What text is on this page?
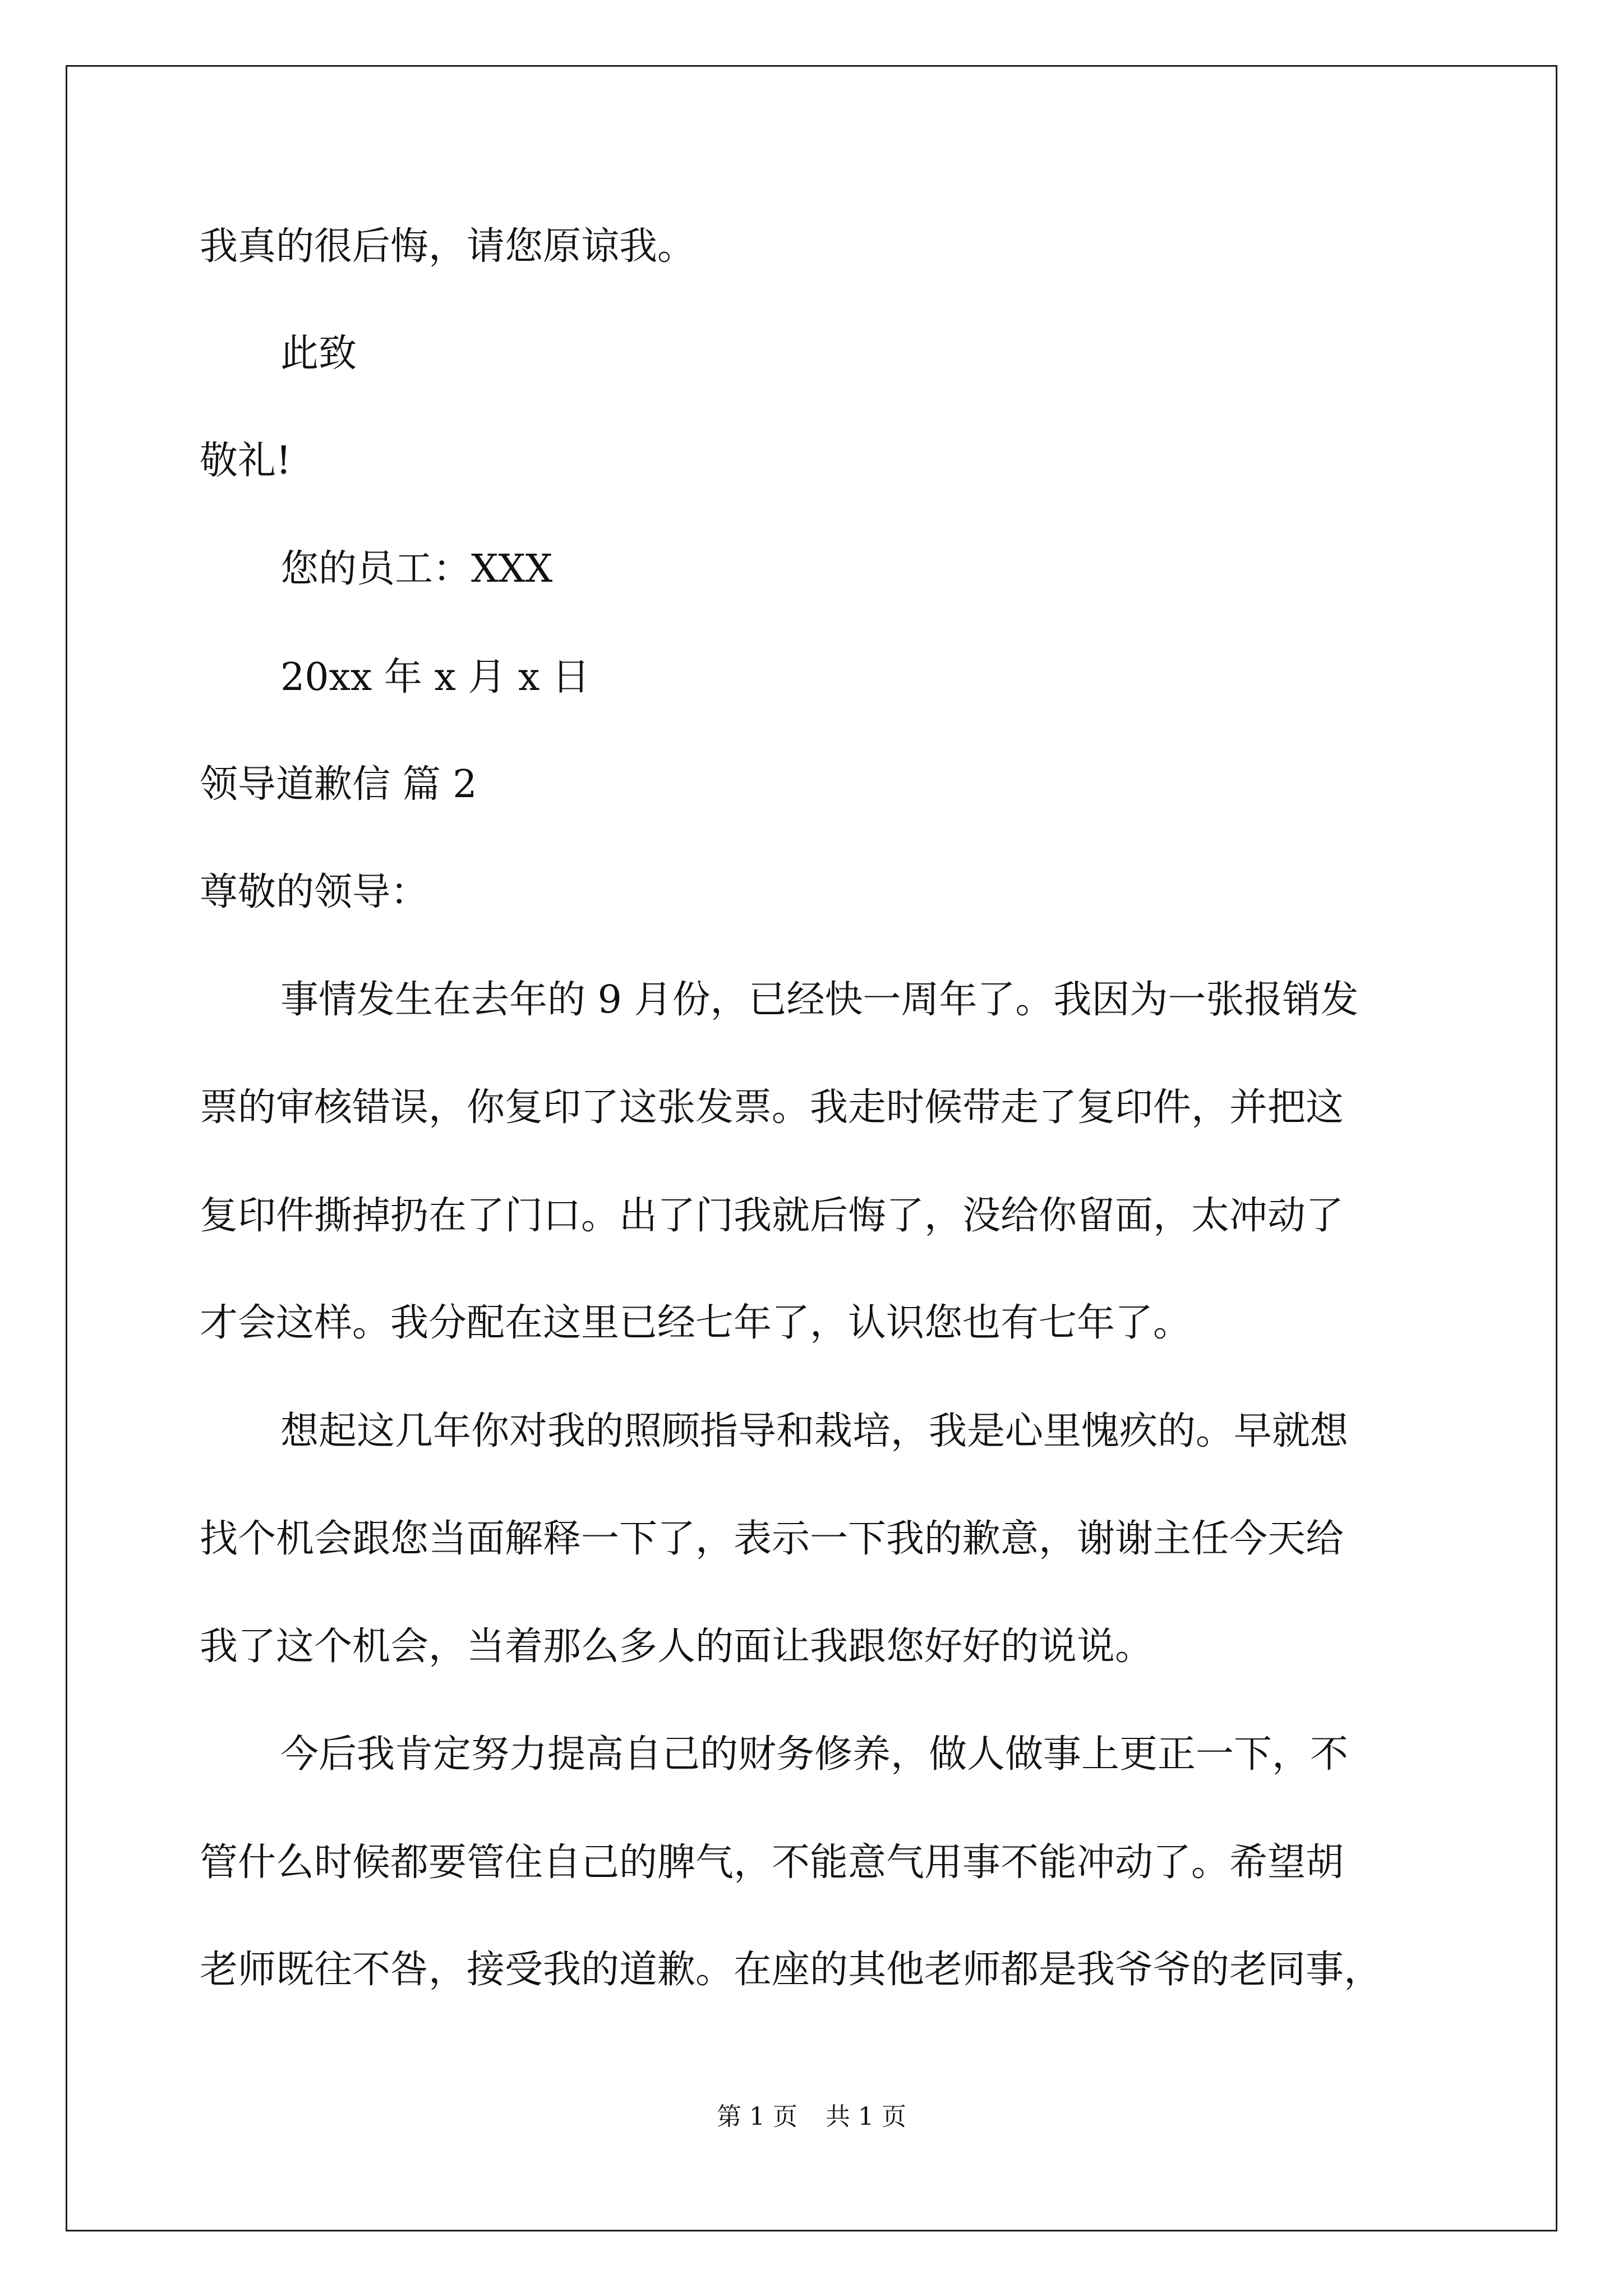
我真的很后悔，请您原谅我。
此致
敬礼!
您的员工：XXX
20xx 年 x 月 x 日
领导道歉信 篇 2
尊敬的领导：
事情发生在去年的 9 月份，已经快一周年了。我因为一张报销发
票的审核错误，你复印了这张发票。我走时候带走了复印件，并把这
复印件撕掉扔在了门口。出了门我就后悔了，没给你留面，太冲动了
才会这样。我分配在这里已经七年了，认识您也有七年了。
想起这几年你对我的照顾指导和栽培，我是心里愧疚的。早就想
找个机会跟您当面解释一下了，表示一下我的歉意，谢谢主任今天给
我了这个机会，当着那么多人的面让我跟您好好的说说。
今后我肯定努力提高自己的财务修养，做人做事上更正一下，不
管什么时候都要管住自己的脾气，不能意气用事不能冲动了。希望胡
老师既往不咎，接受我的道歉。在座的其他老师都是我爷爷的老同事，
第 1 页 共 1 页
